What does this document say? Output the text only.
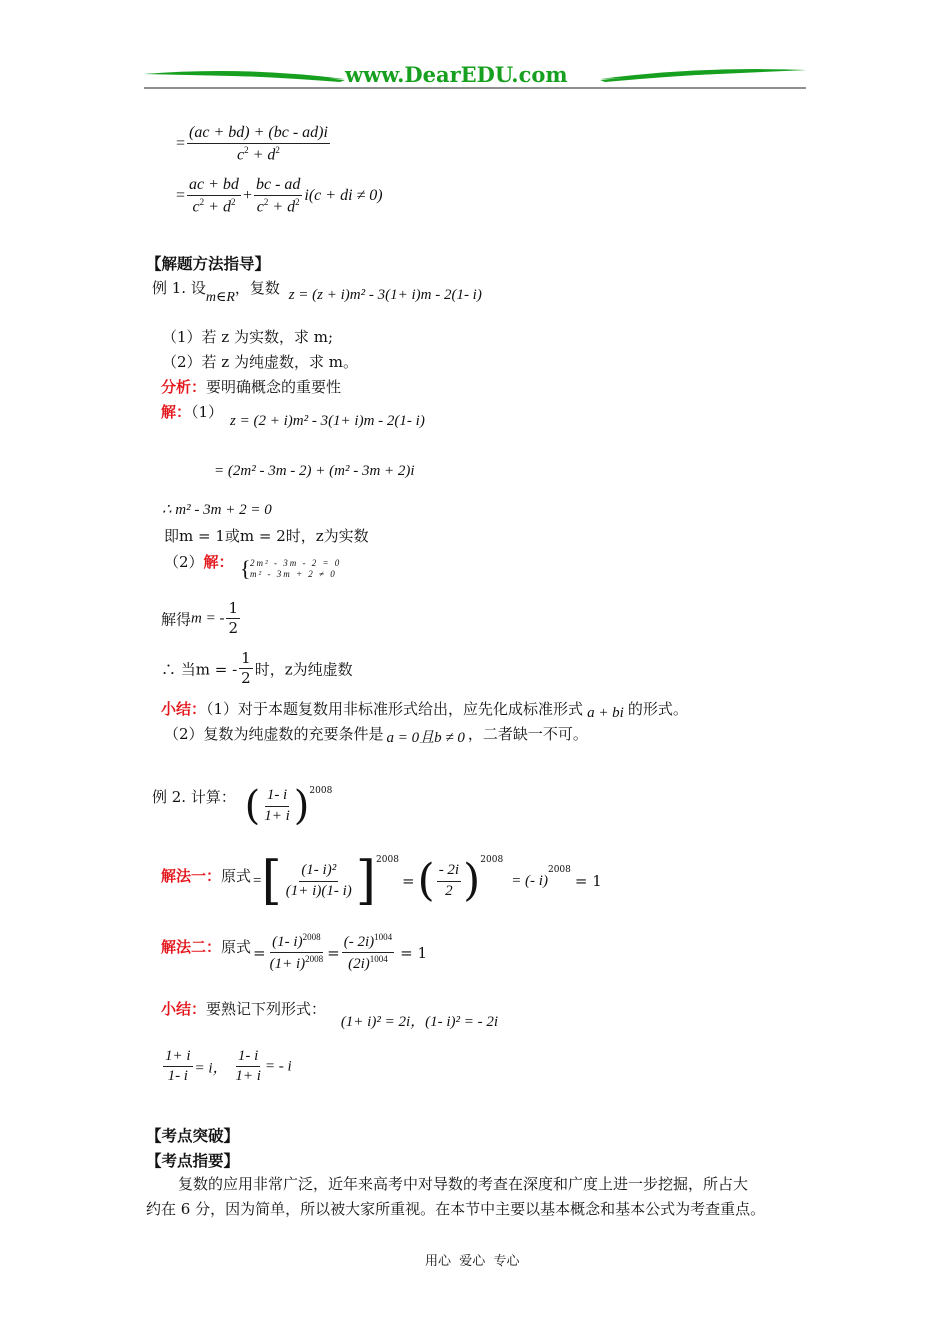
www.DearEDU.com
= $\frac{(ac + bd) + (bc - ad)i}{c^2 + d^2}$
= $\frac{ac + bd}{c^2 + d^2} + \frac{bc - ad}{c^2 + d^2} i(c$ + di ≠ 0)
【解题方法指导】
例 1. 设m∈R，复数 z = (z + i)m² - 3(1+ i)m - 2(1- i)
（1）若 z 为实数，求 m;
（2）若 z 为纯虚数，求 m。
分析：要明确概念的重要性
解：（1） z = (2 + i)m² - 3(1+ i)m - 2(1- i)
= (2m² - 3m - 2) + (m² - 3m + 2)i
∴ m² - 3m + 2 = 0
即m = 1或m = 2时，z为实数
（2）解： { 2m² - 3m - 2 = 0
m² - 3m + 2 ≠ 0
解得m = - $\frac{1}{2}$
∴ 当m = - $\frac{1}{2}$ 时，z为纯虚数
小结：（1）对于本题复数用非标准形式给出，应先化成标准形式 a + bi 的形式。
（2）复数为纯虚数的充要条件是 a = 0且b ≠ 0 ，二者缺一不可。
例 2. 计算： ( $\frac{1- i}{1+ i} )^{2008}$
解法一： 原式 = [ $\frac{\text{(1- i)²}}{(1+ i)(1- i)} ]^{2008}$
= ( $\frac{- 2i}{2} )^{2008}$
= (- i)
$^{2008}$
= 1
解法二： 原式 = $\frac{(1- i)^{2008}}{(1+ i)^{2008}} = \frac{(- 2i)^{1004}}{(2i)^{1004}} = 1$
小结：要熟记下列形式： (1+ i)² = 2i，(1- i)² = - 2i
$\frac{1+ i}{1- i} = i$， $\frac{1- i}{1+ i}$ = - i
【考点突破】
【考点指要】
复数的应用非常广泛，近年来高考中对导数的考查在深度和广度上进一步挖掘，所占大
约在 6 分，因为简单，所以被大家所重视。在本节中主要以基本概念和基本公式为考查重点。
用心  爱心  专心
